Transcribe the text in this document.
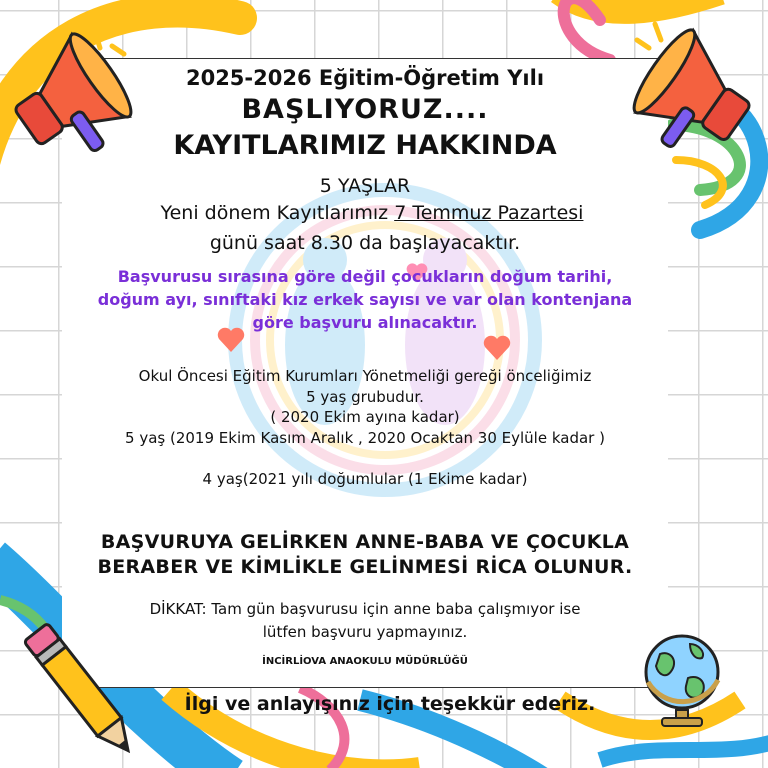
2025-2026 Eğitim-Öğretim Yılı
BAŞLIYORUZ....
KAYITLARIMIZ HAKKINDA
5 YAŞLAR
Yeni dönem Kayıtlarımız 7 Temmuz Pazartesi
günü saat 8.30 da başlayacaktır.
Başvurusu sırasına göre değil çocukların doğum tarihi,
doğum ayı, sınıftaki kız erkek sayısı ve var olan kontenjana
göre başvuru alınacaktır.
Okul Öncesi Eğitim Kurumları Yönetmeliği gereği önceliğimiz
5 yaş grubudur.
( 2020 Ekim ayına kadar)
5 yaş (2019 Ekim Kasım Aralık , 2020 Ocaktan 30 Eylüle kadar )
4 yaş(2021 yılı doğumlular (1 Ekime kadar)
BAŞVURUYA GELİRKEN ANNE-BABA VE ÇOCUKLA
BERABER VE KİMLİKLE GELİNMESİ RİCA OLUNUR.
DİKKAT: Tam gün başvurusu için anne baba çalışmıyor ise
lütfen başvuru yapmayınız.
İNCİRLİOVA ANAOKULU MÜDÜRLÜĞÜ
İlgi ve anlayışınız için teşekkür ederiz.
